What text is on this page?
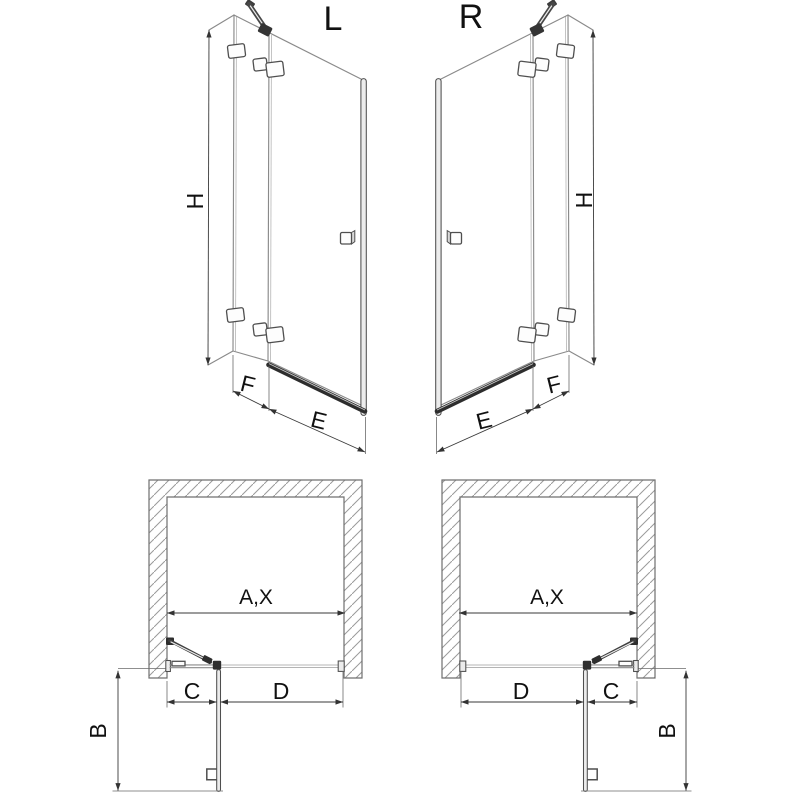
L	R
H
F
E
H
F
E
A,X
C	D
B
A,X
D	C
B
